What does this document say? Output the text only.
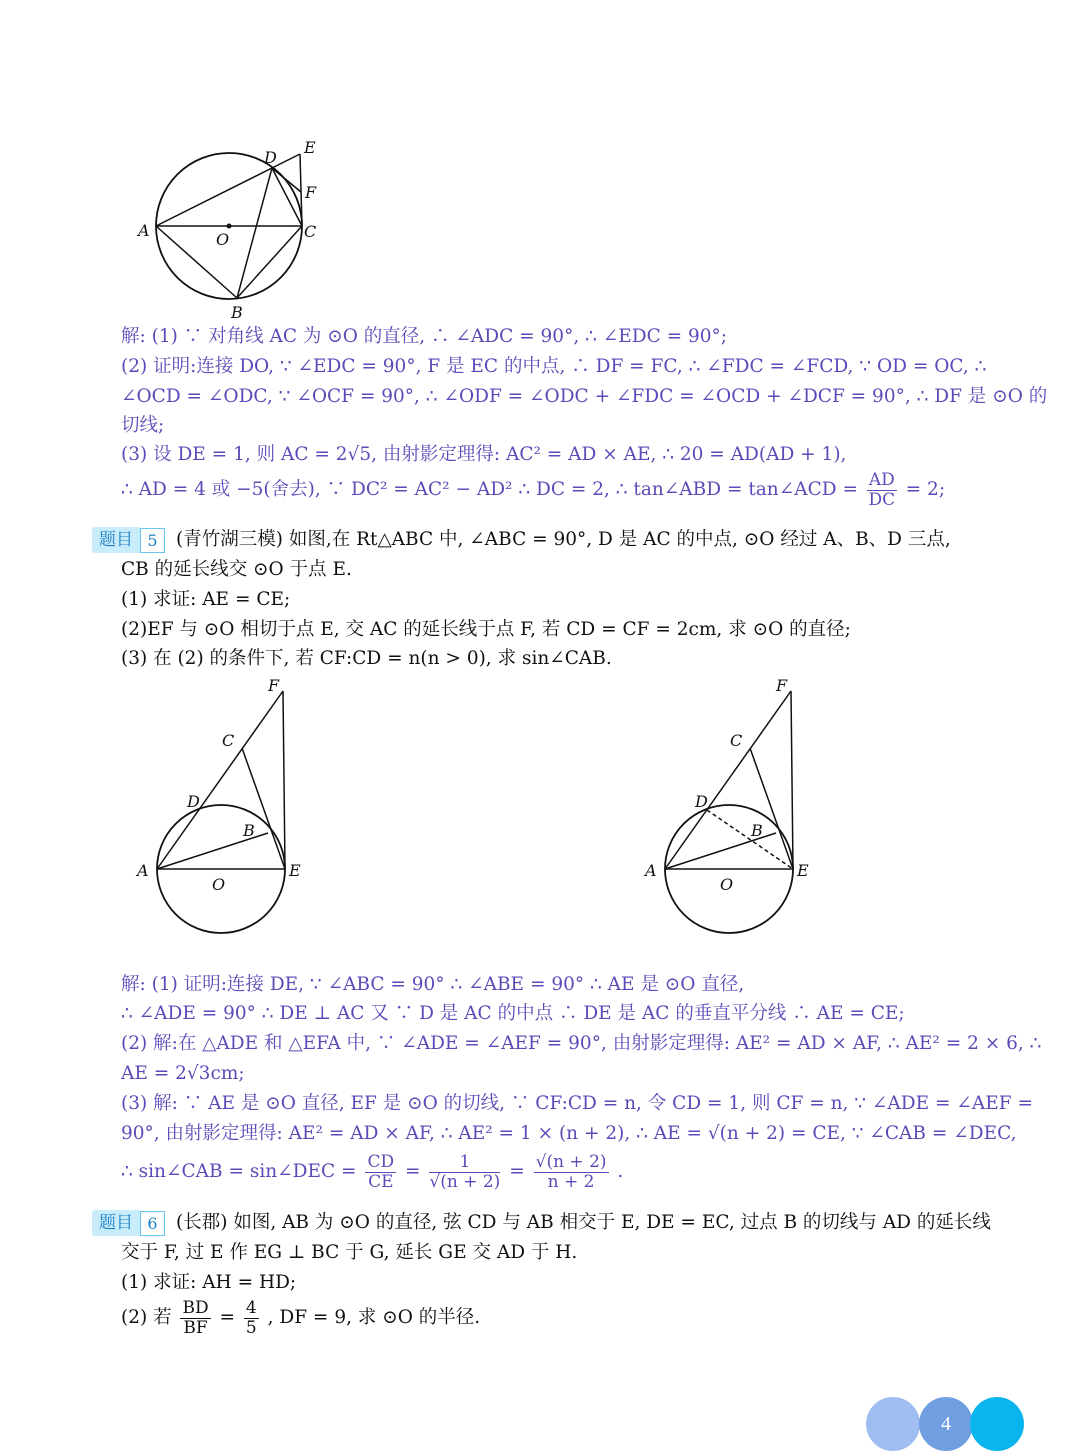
A
B
C
D
E
F
O
解: (1) ∵ 对角线 AC 为 ⊙O 的直径, ∴ ∠ADC = 90°, ∴ ∠EDC = 90°;
(2) 证明:连接 DO, ∵ ∠EDC = 90°, F 是 EC 的中点, ∴ DF = FC, ∴ ∠FDC = ∠FCD, ∵ OD = OC, ∴
∠OCD = ∠ODC, ∵ ∠OCF = 90°, ∴ ∠ODF = ∠ODC + ∠FDC = ∠OCD + ∠DCF = 90°, ∴ DF 是 ⊙O 的
切线;
(3) 设 DE = 1, 则 AC = 2√5, 由射影定理得: AC² = AD × AE, ∴ 20 = AD(AD + 1),
∴ AD = 4 或 −5(舍去), ∵ DC² = AC² − AD² ∴ DC = 2, ∴ tan∠ABD = tan∠ACD = $\frac{AD}{DC} = 2$;
题目 5 (青竹湖三模) 如图,在 Rt△ABC 中, ∠ABC = 90°, D 是 AC 的中点, ⊙O 经过 A、B、D 三点,
CB 的延长线交 ⊙O 于点 E.
(1) 求证: AE = CE;
(2)EF 与 ⊙O 相切于点 E, 交 AC 的延长线于点 F, 若 CD = CF = 2cm, 求 ⊙O 的直径;
(3) 在 (2) 的条件下, 若 CF:CD = n(n > 0), 求 sin∠CAB.
A
B
C
D
E
F
O
A
B
C
D
E
F
O
解: (1) 证明:连接 DE, ∵ ∠ABC = 90° ∴ ∠ABE = 90° ∴ AE 是 ⊙O 直径,
∴ ∠ADE = 90° ∴ DE ⊥ AC 又 ∵ D 是 AC 的中点 ∴ DE 是 AC 的垂直平分线 ∴ AE = CE;
(2) 解:在 △ADE 和 △EFA 中, ∵ ∠ADE = ∠AEF = 90°, 由射影定理得: AE² = AD × AF, ∴ AE² = 2 × 6, ∴
AE = 2√3cm;
(3) 解: ∵ AE 是 ⊙O 直径, EF 是 ⊙O 的切线, ∵ CF:CD = n, 令 CD = 1, 则 CF = n, ∵ ∠ADE = ∠AEF =
90°, 由射影定理得: AE² = AD × AF, ∴ AE² = 1 × (n + 2), ∴ AE = √(n + 2) = CE, ∵ ∠CAB = ∠DEC,
∴ sin∠CAB = sin∠DEC = $\frac{CD}{CE} = \frac{1}{√(n + 2)} = \frac{√(n + 2)}{n + 2}$ .
题目 6 (长郡) 如图, AB 为 ⊙O 的直径, 弦 CD 与 AB 相交于 E, DE = EC, 过点 B 的切线与 AD 的延长线
交于 F, 过 E 作 EG ⊥ BC 于 G, 延长 GE 交 AD 于 H.
(1) 求证: AH = HD;
(2) 若 $\frac{BD}{BF} = \frac{4}{5}$ , DF = 9, 求 ⊙O 的半径.
4
